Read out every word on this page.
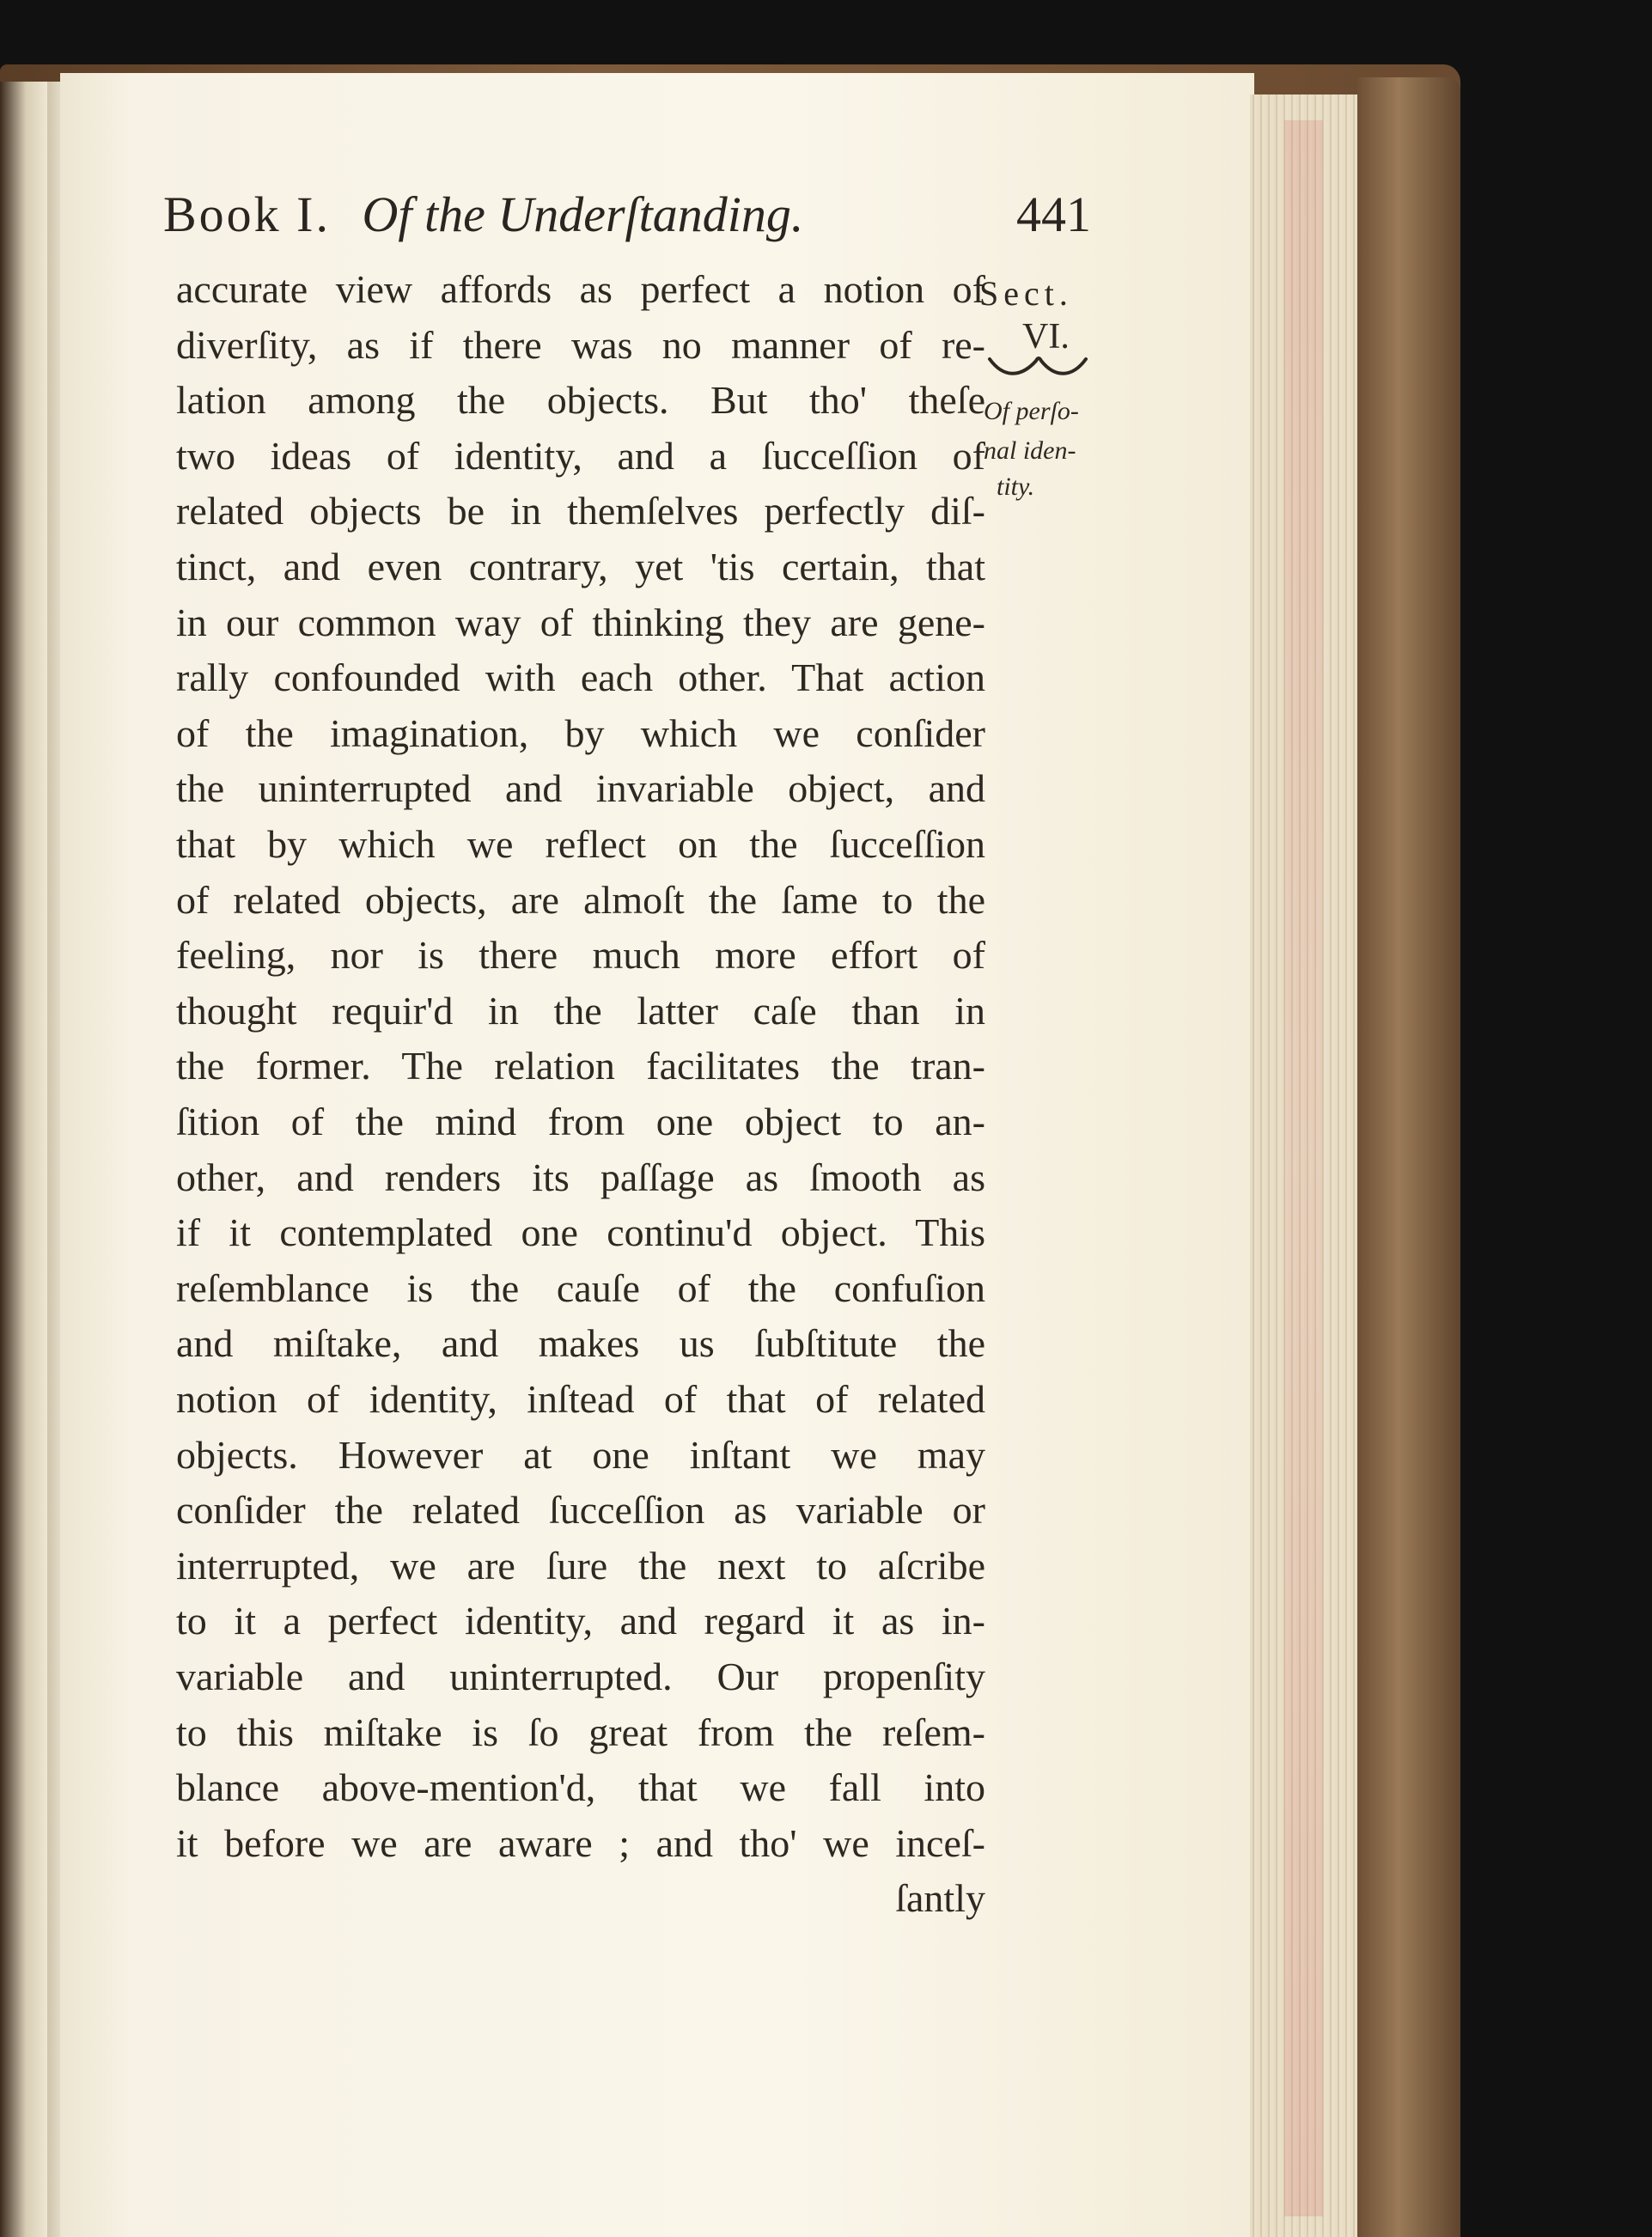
Book I. Of the Underſtanding.	441
accurate view affords as perfect a notion of
diverſity, as if there was no manner of re-
lation among the objects. But tho' theſe
two ideas of identity, and a ſucceſſion of
related objects be in themſelves perfectly diſ-
tinct, and even contrary, yet 'tis certain, that
in our common way of thinking they are gene-
rally confounded with each other. That action
of the imagination, by which we conſider
the uninterrupted and invariable object, and
that by which we reflect on the ſucceſſion
of related objects, are almoſt the ſame to the
feeling, nor is there much more effort of
thought requir'd in the latter caſe than in
the former. The relation facilitates the tran-
ſition of the mind from one object to an-
other, and renders its paſſage as ſmooth as
if it contemplated one continu'd object. This
reſemblance is the cauſe of the confuſion
and miſtake, and makes us ſubſtitute the
notion of identity, inſtead of that of related
objects. However at one inſtant we may
conſider the related ſucceſſion as variable or
interrupted, we are ſure the next to aſcribe
to it a perfect identity, and regard it as in-
variable and uninterrupted. Our propenſity
to this miſtake is ſo great from the reſem-
blance above-mention'd, that we fall into
it before we are aware ; and tho' we inceſ-
ſantly
Sect.
VI.
Of perſo-
nal iden-
tity.
